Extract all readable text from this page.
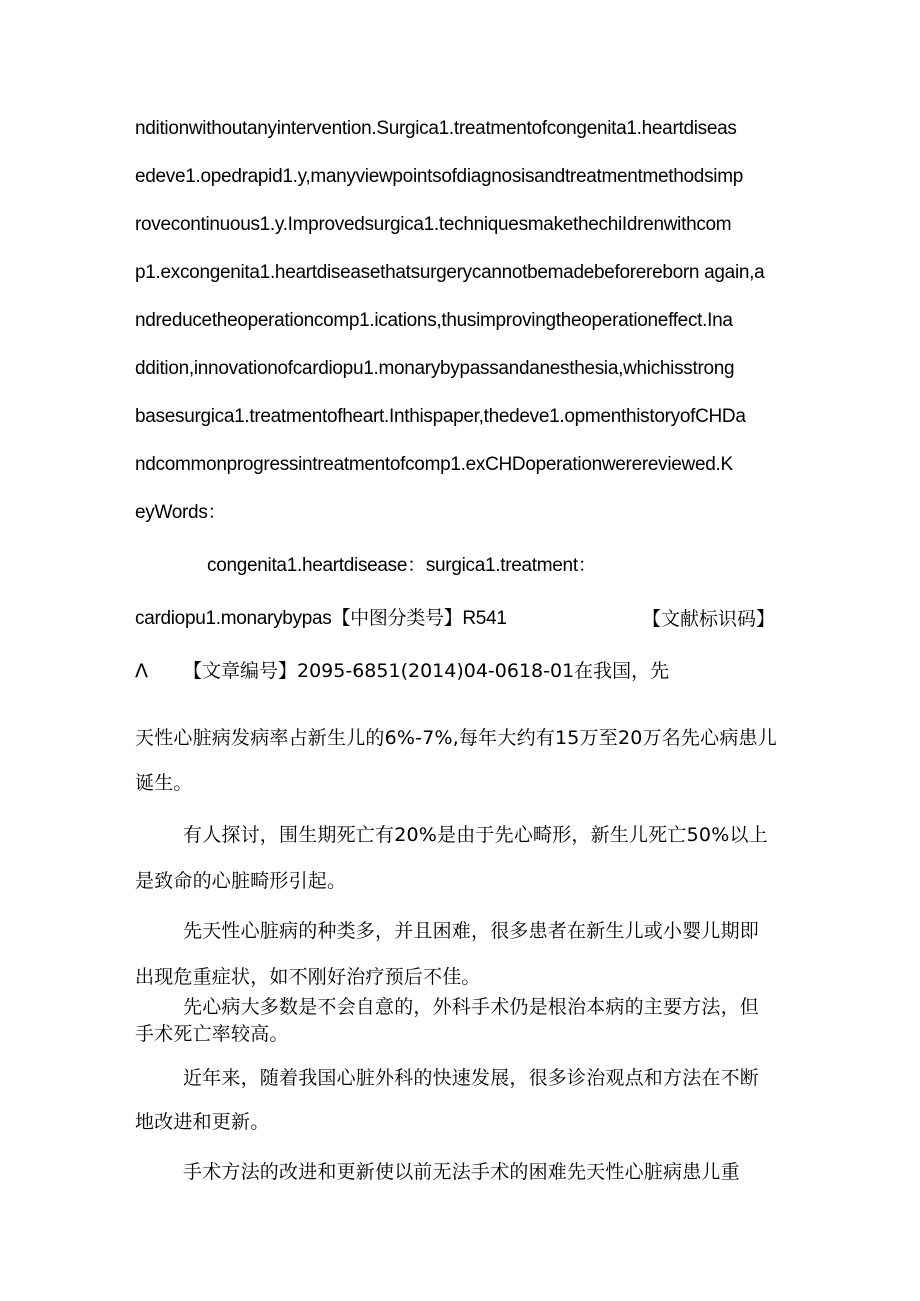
nditionwithoutanyintervention.Surgica1.treatmentofcongenita1.heartdiseas
edeve1.opedrapid1.y,manyviewpointsofdiagnosisandtreatmentmethodsimp
rovecontinuous1.y.Improvedsurgica1.techniquesmakethechiIdrenwithcom
p1.excongenita1.heartdiseasethatsurgerycannotbemadebeforereborn again,a
ndreducetheoperationcomp1.ications,thusimprovingtheoperationeffect.Ina
ddition,innovationofcardiopu1.monarybypassandanesthesia,whichisstrong
basesurgica1.treatmentofheart.Inthispaper,thedeve1.opmenthistoryofCHDa
ndcommonprogressintreatmentofcomp1.exCHDoperationwerereviewed.K
eyWords：
congenita1.heartdisease：surgica1.treatment：
cardiopu1.monarybypas【中图分类号】R541	【文献标识码】
Λ 【文章编号】2095-6851(2014)04-0618-01在我国，先
天性心脏病发病率占新生儿的6%-7%,每年大约有15万至20万名先心病患儿
诞生。
有人探讨，围生期死亡有20%是由于先心畸形，新生儿死亡50%以上
是致命的心脏畸形引起。
先天性心脏病的种类多，并且困难，很多患者在新生儿或小婴儿期即
出现危重症状，如不刚好治疗预后不佳。
先心病大多数是不会自意的，外科手术仍是根治本病的主要方法，但
手术死亡率较高。
近年来，随着我国心脏外科的快速发展，很多诊治观点和方法在不断
地改进和更新。
手术方法的改进和更新使以前无法手术的困难先天性心脏病患儿重
